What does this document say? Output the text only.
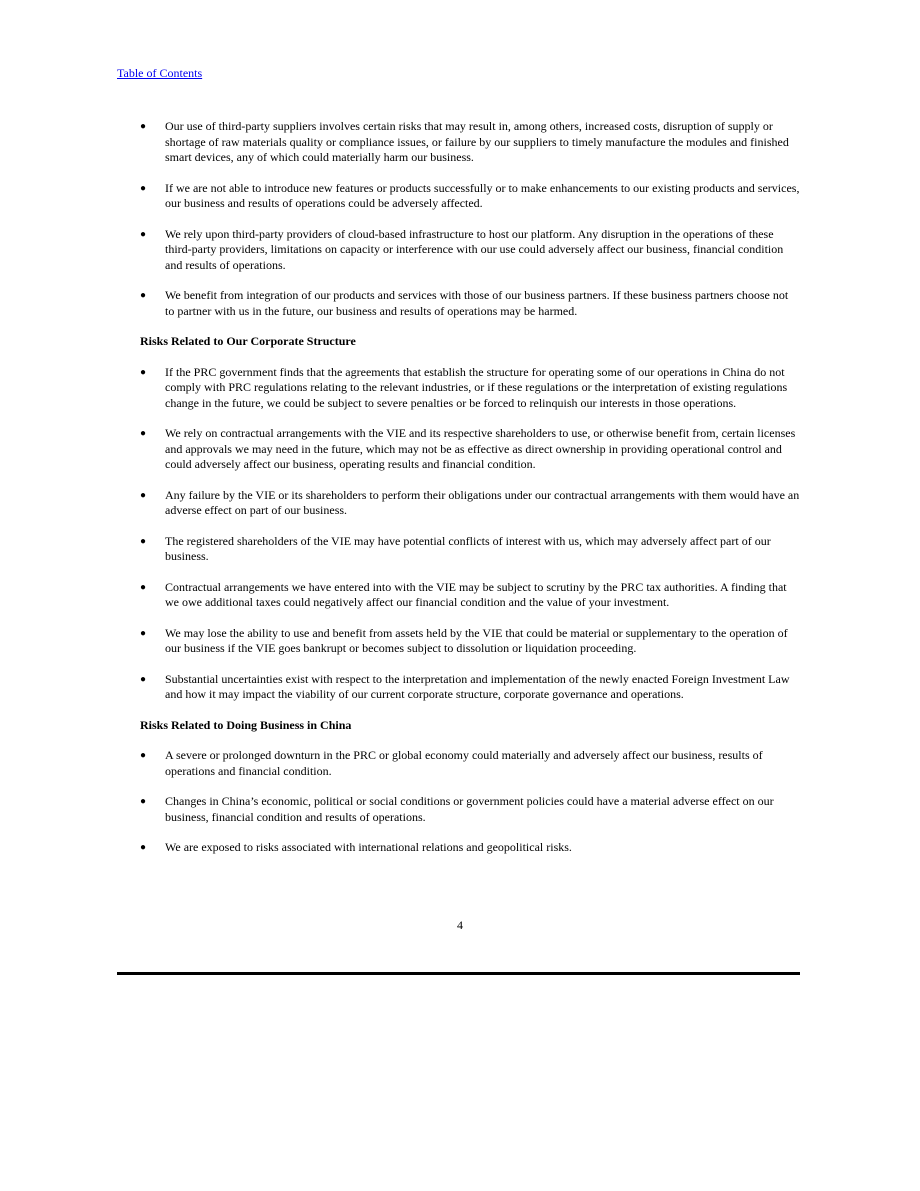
Table of Contents
●	Our use of third-party suppliers involves certain risks that may result in, among others, increased costs, disruption of supply or shortage of raw materials quality or compliance issues, or failure by our suppliers to timely manufacture the modules and finished smart devices, any of which could materially harm our business.
●	If we are not able to introduce new features or products successfully or to make enhancements to our existing products and services, our business and results of operations could be adversely affected.
●	We rely upon third-party providers of cloud-based infrastructure to host our platform. Any disruption in the operations of these third-party providers, limitations on capacity or interference with our use could adversely affect our business, financial condition and results of operations.
●	We benefit from integration of our products and services with those of our business partners. If these business partners choose not to partner with us in the future, our business and results of operations may be harmed.
Risks Related to Our Corporate Structure
●	If the PRC government finds that the agreements that establish the structure for operating some of our operations in China do not comply with PRC regulations relating to the relevant industries, or if these regulations or the interpretation of existing regulations change in the future, we could be subject to severe penalties or be forced to relinquish our interests in those operations.
●	We rely on contractual arrangements with the VIE and its respective shareholders to use, or otherwise benefit from, certain licenses and approvals we may need in the future, which may not be as effective as direct ownership in providing operational control and could adversely affect our business, operating results and financial condition.
●	Any failure by the VIE or its shareholders to perform their obligations under our contractual arrangements with them would have an adverse effect on part of our business.
●	The registered shareholders of the VIE may have potential conflicts of interest with us, which may adversely affect part of our business.
●	Contractual arrangements we have entered into with the VIE may be subject to scrutiny by the PRC tax authorities. A finding that we owe additional taxes could negatively affect our financial condition and the value of your investment.
●	We may lose the ability to use and benefit from assets held by the VIE that could be material or supplementary to the operation of our business if the VIE goes bankrupt or becomes subject to dissolution or liquidation proceeding.
●	Substantial uncertainties exist with respect to the interpretation and implementation of the newly enacted Foreign Investment Law and how it may impact the viability of our current corporate structure, corporate governance and operations.
Risks Related to Doing Business in China
●	A severe or prolonged downturn in the PRC or global economy could materially and adversely affect our business, results of operations and financial condition.
●	Changes in China’s economic, political or social conditions or government policies could have a material adverse effect on our business, financial condition and results of operations.
●	We are exposed to risks associated with international relations and geopolitical risks.
4
